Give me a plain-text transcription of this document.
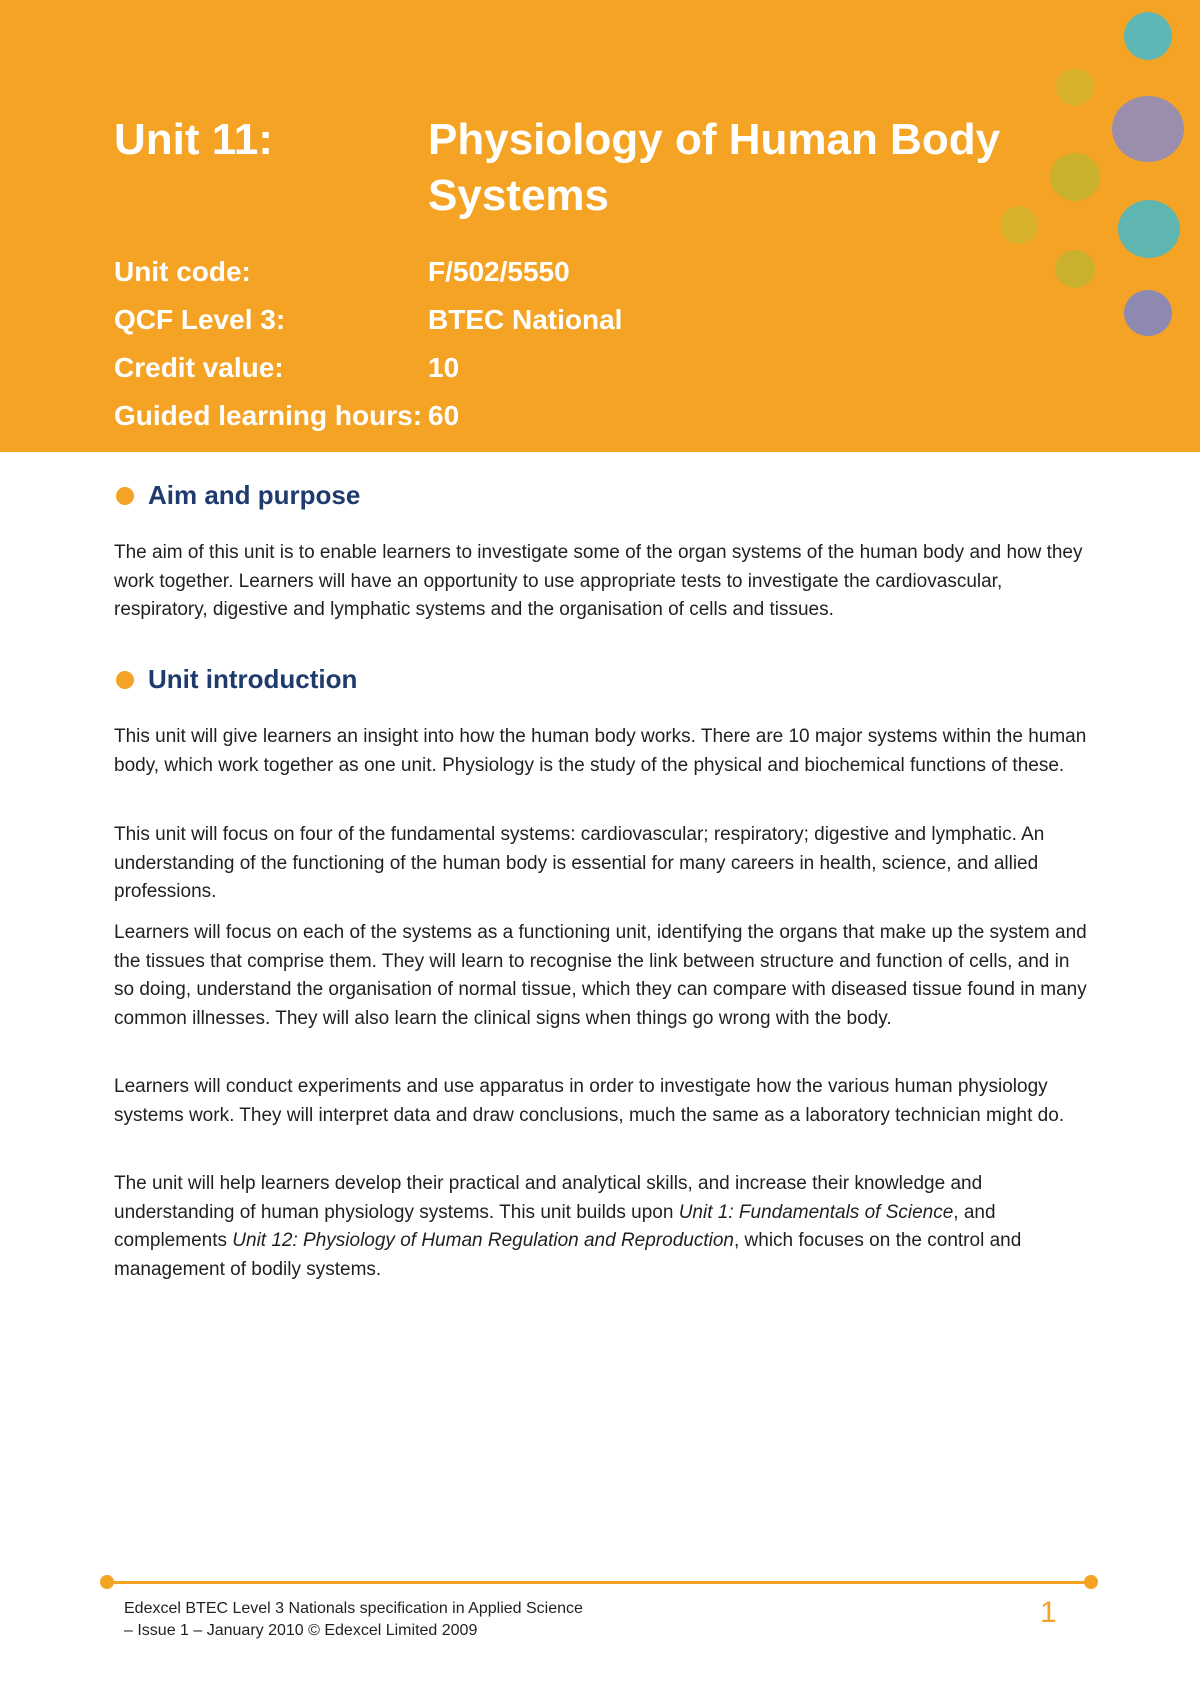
Unit 11:	Physiology of Human Body Systems
Unit code:	F/502/5550
QCF Level 3:	BTEC National
Credit value:	10
Guided learning hours: 60
Aim and purpose

The aim of this unit is to enable learners to investigate some of the organ systems of the human body and how they work together. Learners will have an opportunity to use appropriate tests to investigate the cardiovascular, respiratory, digestive and lymphatic systems and the organisation of cells and tissues.

Unit introduction

This unit will give learners an insight into how the human body works. There are 10 major systems within the human body, which work together as one unit. Physiology is the study of the physical and biochemical functions of these.

This unit will focus on four of the fundamental systems: cardiovascular; respiratory; digestive and lymphatic. An understanding of the functioning of the human body is essential for many careers in health, science, and allied professions.

Learners will focus on each of the systems as a functioning unit, identifying the organs that make up the system and the tissues that comprise them. They will learn to recognise the link between structure and function of cells, and in so doing, understand the organisation of normal tissue, which they can compare with diseased tissue found in many common illnesses. They will also learn the clinical signs when things go wrong with the body.

Learners will conduct experiments and use apparatus in order to investigate how the various human physiology systems work. They will interpret data and draw conclusions, much the same as a laboratory technician might do.

The unit will help learners develop their practical and analytical skills, and increase their knowledge and understanding of human physiology systems. This unit builds upon Unit 1: Fundamentals of Science, and complements Unit 12: Physiology of Human Regulation and Reproduction, which focuses on the control and management of bodily systems.

Edexcel BTEC Level 3 Nationals specification in Applied Science
– Issue 1 – January 2010 © Edexcel Limited 2009
1
